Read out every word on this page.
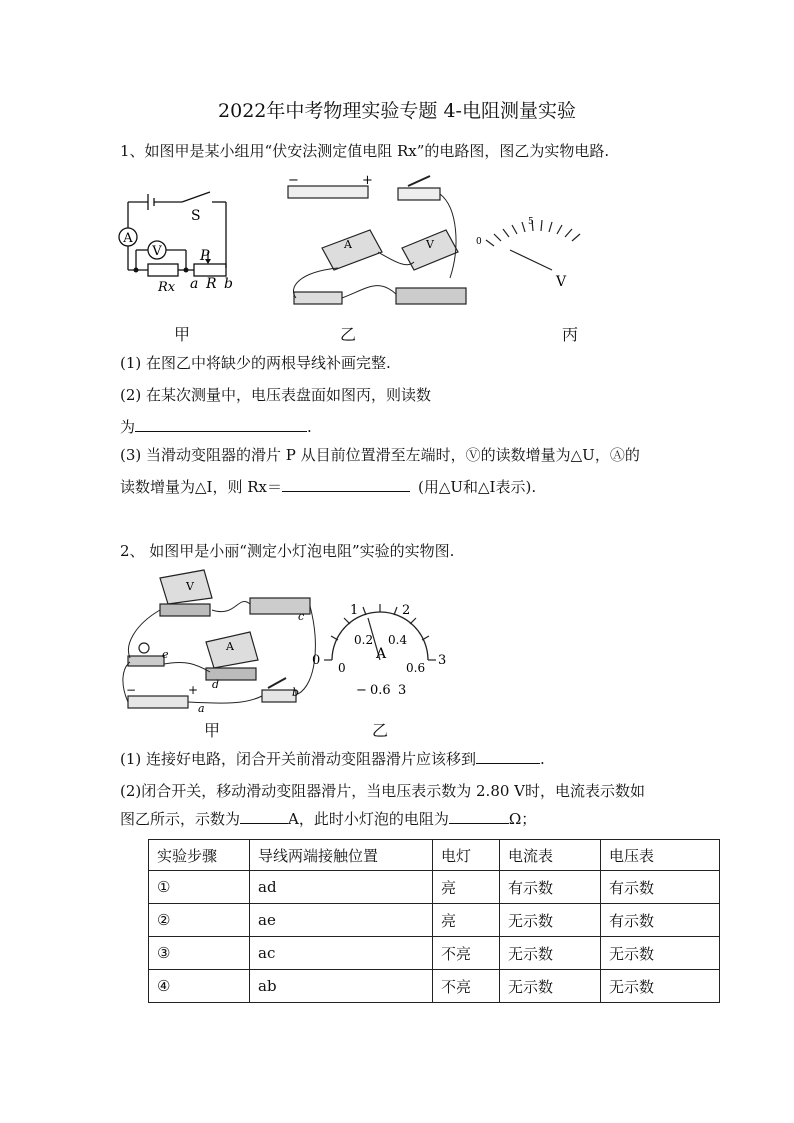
2022年中考物理实验专题 4-电阻测量实验
1、如图甲是某小组用“伏安法测定值电阻 Rx”的电路图，图乙为实物电路.
A
V
S
P
Rx a R b
甲
−	+
A	V
乙
0
5
V
丙
(1) 在图乙中将缺少的两根导线补画完整.
(2) 在某次测量中，电压表盘面如图丙，则读数
为	.
(3) 当滑动变阻器的滑片 P 从目前位置滑至左端时，Ⓥ的读数增量为△U，Ⓐ的
读数增量为△I，则 Rx＝	(用△U和△I表示).
2、 如图甲是小丽“测定小灯泡电阻”实验的实物图.
V
A
c
d
e
b
a
−	+
甲
0
1	2
3
0
0.2 0.4
0.6
A
− 0.6 3
乙
(1) 连接好电路，闭合开关前滑动变阻器滑片应该移到	.
(2)闭合开关，移动滑动变阻器滑片，当电压表示数为 2.80 V时，电流表示数如
图乙所示，示数为	A，此时小灯泡的电阻为	Ω；
实验步骤	导线两端接触位置	电灯	电流表	电压表
①	ad	亮	有示数	有示数
②	ae	亮	无示数	有示数
③	ac	不亮	无示数	无示数
④	ab	不亮	无示数	无示数
